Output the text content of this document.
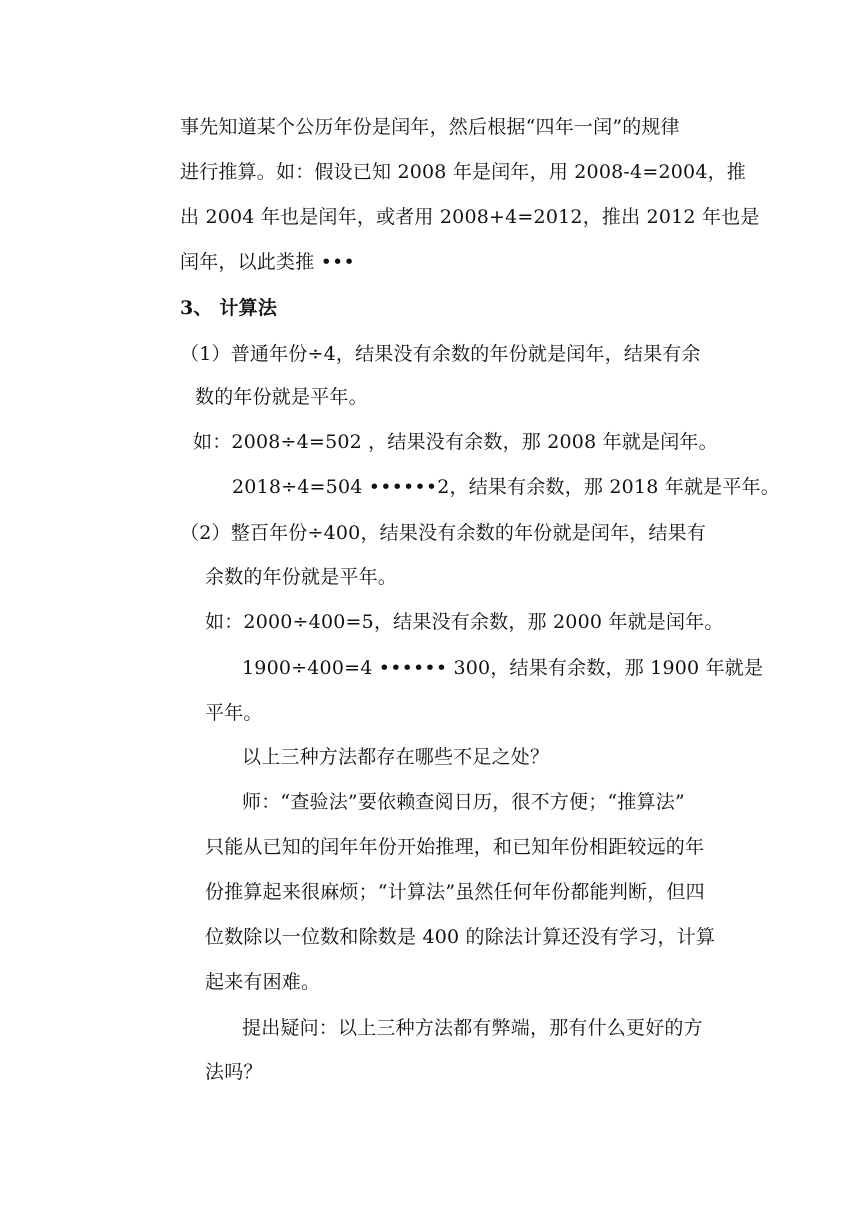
事先知道某个公历年份是闰年，然后根据“四年一闰”的规律
进行推算。如：假设已知 2008 年是闰年，用 2008-4=2004，推
出 2004 年也是闰年，或者用 2008+4=2012，推出 2012 年也是
闰年，以此类推 •••
3、 计算法
（1）普通年份÷4，结果没有余数的年份就是闰年，结果有余
数的年份就是平年。
如：2008÷4=502 ，结果没有余数，那 2008 年就是闰年。
2018÷4=504 ••••••2，结果有余数，那 2018 年就是平年。
（2）整百年份÷400，结果没有余数的年份就是闰年，结果有
余数的年份就是平年。
如：2000÷400=5，结果没有余数，那 2000 年就是闰年。
1900÷400=4 •••••• 300，结果有余数，那 1900 年就是
平年。
以上三种方法都存在哪些不足之处？
师：“查验法”要依赖查阅日历，很不方便；“推算法”
只能从已知的闰年年份开始推理，和已知年份相距较远的年
份推算起来很麻烦；“计算法”虽然任何年份都能判断，但四
位数除以一位数和除数是 400 的除法计算还没有学习，计算
起来有困难。
提出疑问：以上三种方法都有弊端，那有什么更好的方
法吗？
